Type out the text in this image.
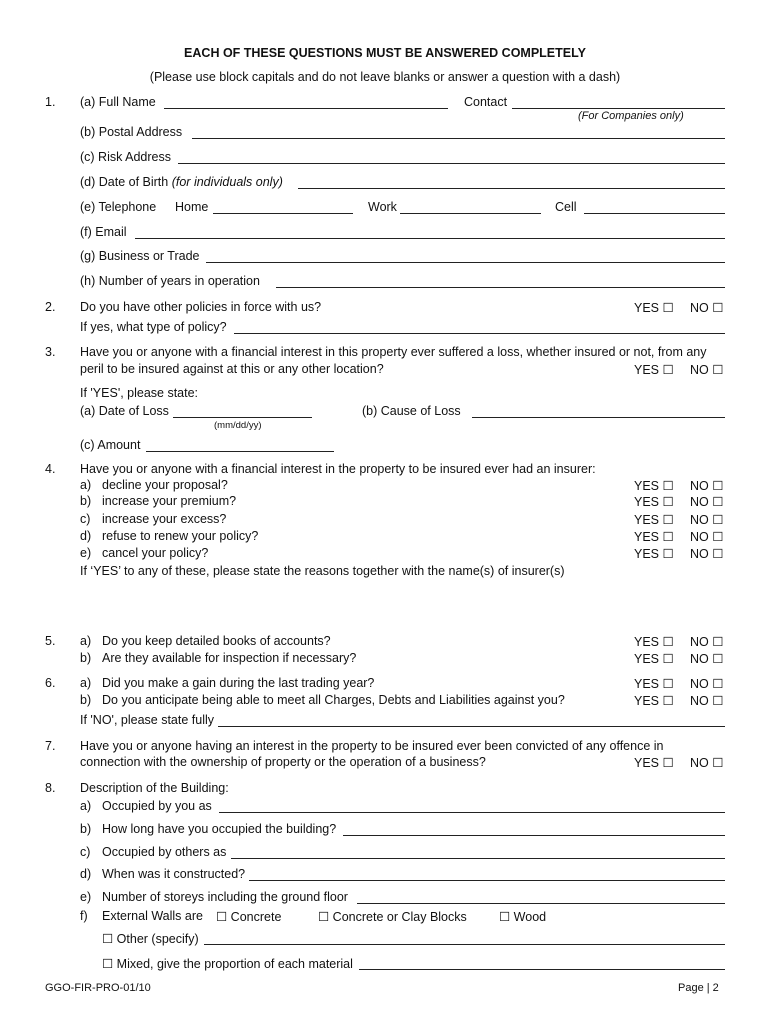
EACH OF THESE QUESTIONS MUST BE ANSWERED COMPLETELY
(Please use block capitals and do not leave blanks or answer a question with a dash)
1. (a) Full Name	Contact
(For Companies only)
(b) Postal Address
(c) Risk Address
(d) Date of Birth (for individuals only)
(e) Telephone Home	Work	Cell
(f) Email
(g) Business or Trade
(h) Number of years in operation
2. Do you have other policies in force with us?	YES ☐ NO ☐
If yes, what type of policy?
3. Have you or anyone with a financial interest in this property ever suffered a loss, whether insured or not, from any
peril to be insured against at this or any other location?	YES ☐ NO ☐
If 'YES', please state:
(a) Date of Loss
(mm/dd/yy)
(b) Cause of Loss
(c) Amount
4. Have you or anyone with a financial interest in the property to be insured ever had an insurer:
a) decline your proposal?	YES ☐ NO ☐
b) increase your premium?	YES ☐ NO ☐
c) increase your excess?	YES ☐ NO ☐
d) refuse to renew your policy?	YES ☐ NO ☐
e) cancel your policy?	YES ☐ NO ☐
If ‘YES’ to any of these, please state the reasons together with the name(s) of insurer(s)
5. a) Do you keep detailed books of accounts?	YES ☐ NO ☐
b) Are they available for inspection if necessary?	YES ☐ NO ☐
6. a) Did you make a gain during the last trading year?	YES ☐ NO ☐
b) Do you anticipate being able to meet all Charges, Debts and Liabilities against you?	YES ☐ NO ☐
If 'NO', please state fully
7. Have you or anyone having an interest in the property to be insured ever been convicted of any offence in
connection with the ownership of property or the operation of a business?	YES ☐ NO ☐
8. Description of the Building:
a) Occupied by you as
b) How long have you occupied the building?
c) Occupied by others as
d) When was it constructed?
e) Number of storeys including the ground floor
f) External Walls are ☐ Concrete	☐ Concrete or Clay Blocks	☐ Wood
☐ Other (specify)
☐ Mixed, give the proportion of each material
GGO-FIR-PRO-01/10	Page | 2
